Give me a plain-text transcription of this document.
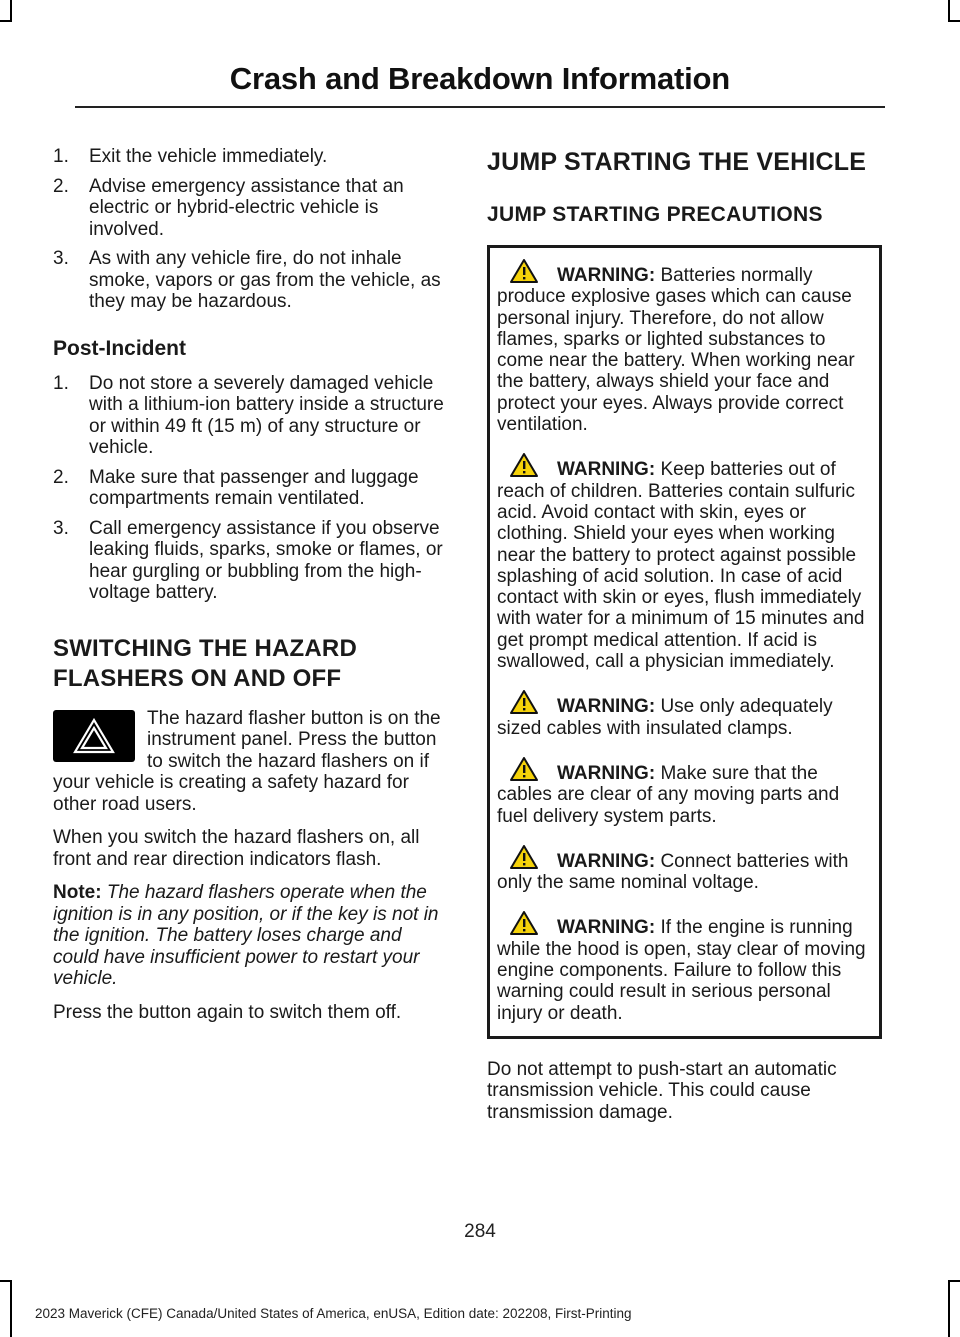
Crash and Breakdown Information
1. Exit the vehicle immediately.
2. Advise emergency assistance that an electric or hybrid-electric vehicle is involved.
3. As with any vehicle fire, do not inhale smoke, vapors or gas from the vehicle, as they may be hazardous.
Post-Incident
1. Do not store a severely damaged vehicle with a lithium-ion battery inside a structure or within 49 ft (15 m) of any structure or vehicle.
2. Make sure that passenger and luggage compartments remain ventilated.
3. Call emergency assistance if you observe leaking fluids, sparks, smoke or flames, or hear gurgling or bubbling from the high-voltage battery.
SWITCHING THE HAZARD FLASHERS ON AND OFF

The hazard flasher button is on the instrument panel. Press the button to switch the hazard flashers on if your vehicle is creating a safety hazard for other road users.

When you switch the hazard flashers on, all front and rear direction indicators flash.

Note: The hazard flashers operate when the ignition is in any position, or if the key is not in the ignition. The battery loses charge and could have insufficient power to restart your vehicle.

Press the button again to switch them off.

JUMP STARTING THE VEHICLE
JUMP STARTING PRECAUTIONS

WARNING: Batteries normally produce explosive gases which can cause personal injury. Therefore, do not allow flames, sparks or lighted substances to come near the battery. When working near the battery, always shield your face and protect your eyes. Always provide correct ventilation.

WARNING: Keep batteries out of reach of children. Batteries contain sulfuric acid. Avoid contact with skin, eyes or clothing. Shield your eyes when working near the battery to protect against possible splashing of acid solution. In case of acid contact with skin or eyes, flush immediately with water for a minimum of 15 minutes and get prompt medical attention. If acid is swallowed, call a physician immediately.

WARNING: Use only adequately sized cables with insulated clamps.

WARNING: Make sure that the cables are clear of any moving parts and fuel delivery system parts.

WARNING: Connect batteries with only the same nominal voltage.

WARNING: If the engine is running while the hood is open, stay clear of moving engine components. Failure to follow this warning could result in serious personal injury or death.

Do not attempt to push-start an automatic transmission vehicle. This could cause transmission damage.

284
2023 Maverick (CFE) Canada/United States of America, enUSA, Edition date: 202208, First-Printing
